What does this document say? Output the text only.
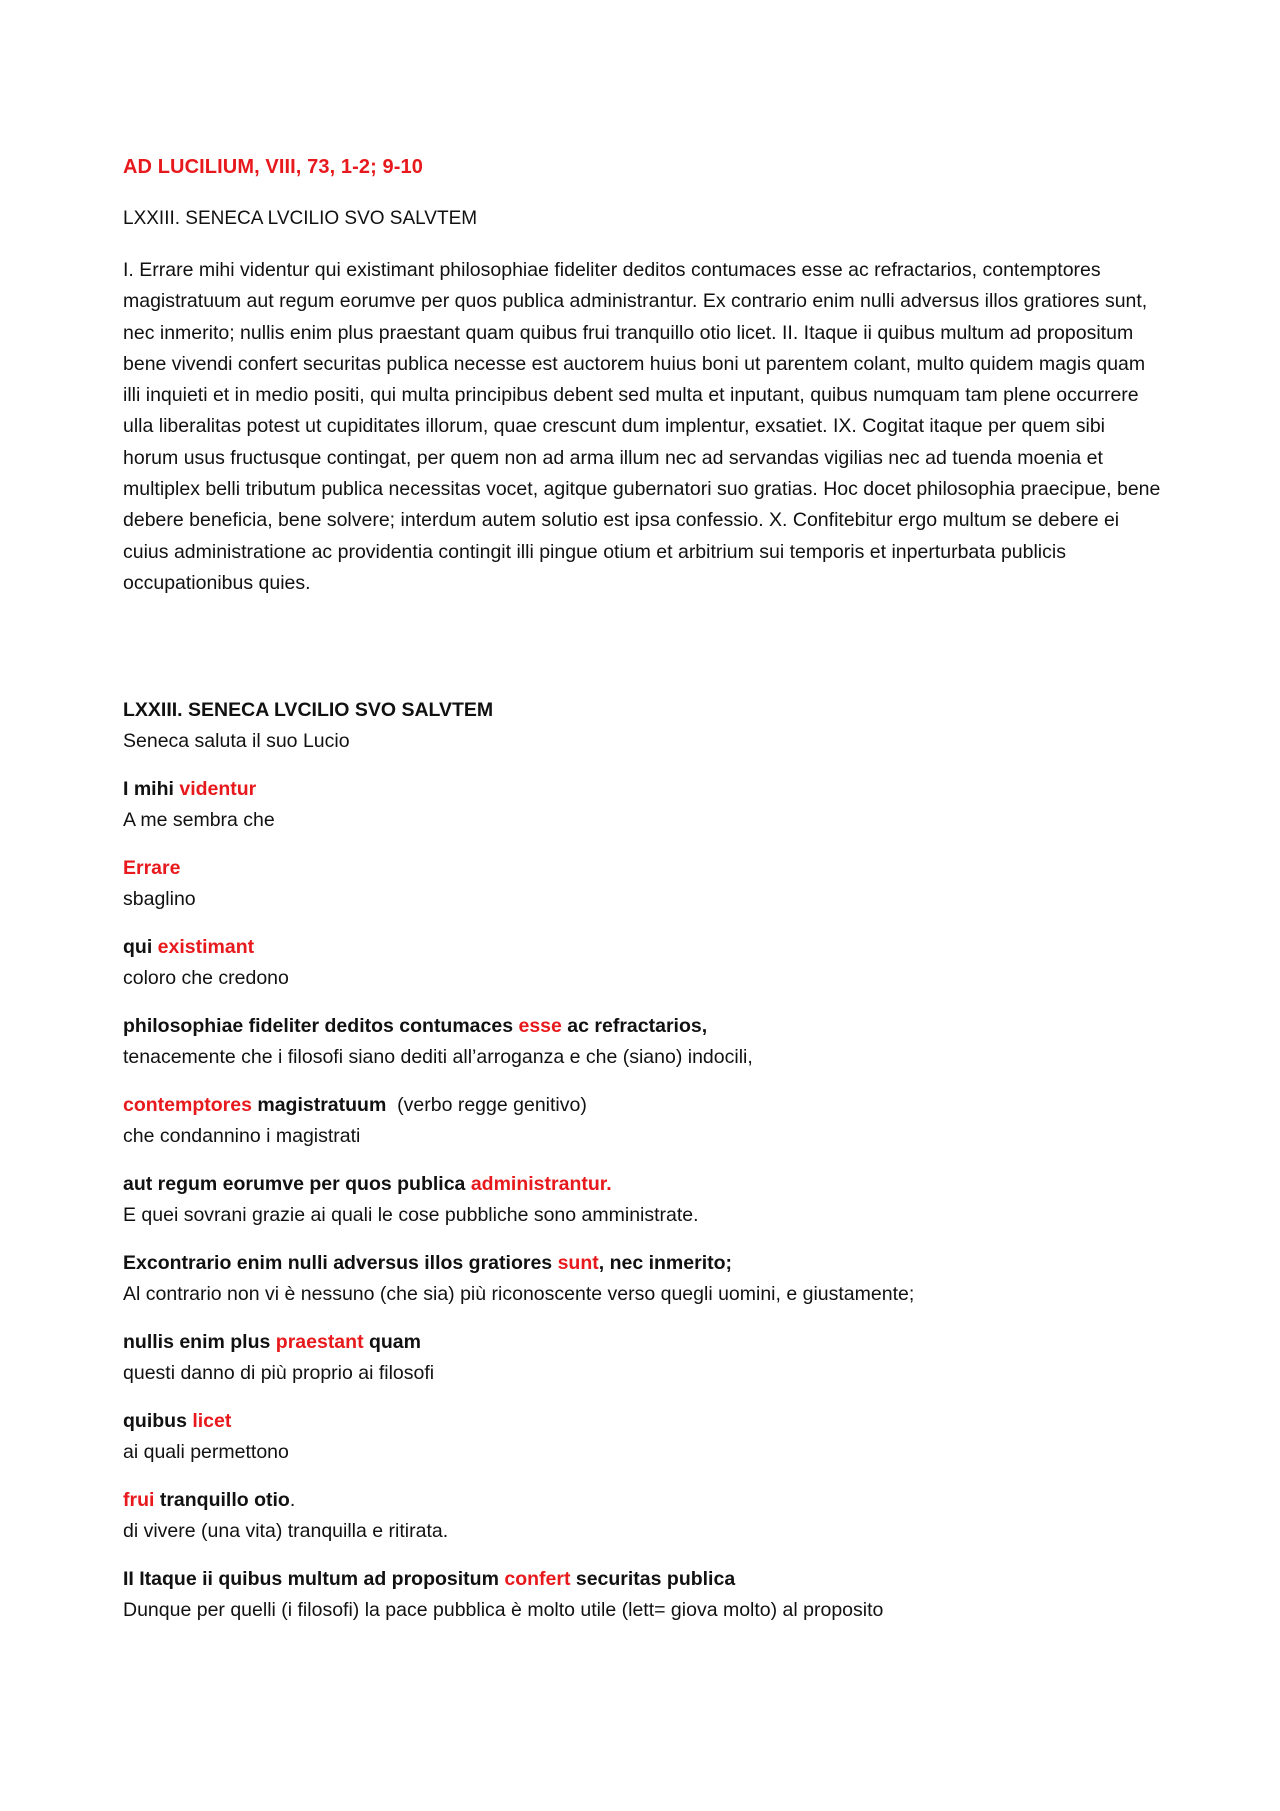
AD LUCILIUM, VIII, 73, 1-2; 9-10

LXXIII. SENECA LVCILIO SVO SALVTEM

I. Errare mihi videntur qui existimant philosophiae fideliter deditos contumaces esse ac refractarios, contemptores magistratuum aut regum eorumve per quos publica administrantur. Ex contrario enim nulli adversus illos gratiores sunt, nec inmerito; nullis enim plus praestant quam quibus frui tranquillo otio licet. II. Itaque ii quibus multum ad propositum bene vivendi confert securitas publica necesse est auctorem huius boni ut parentem colant, multo quidem magis quam illi inquieti et in medio positi, qui multa principibus debent sed multa et inputant, quibus numquam tam plene occurrere ulla liberalitas potest ut cupiditates illorum, quae crescunt dum implentur, exsatiet. IX. Cogitat itaque per quem sibi horum usus fructusque contingat, per quem non ad arma illum nec ad servandas vigilias nec ad tuenda moenia et multiplex belli tributum publica necessitas vocet, agitque gubernatori suo gratias. Hoc docet philosophia praecipue, bene debere beneficia, bene solvere; interdum autem solutio est ipsa confessio. X. Confitebitur ergo multum se debere ei cuius administratione ac providentia contingit illi pingue otium et arbitrium sui temporis et inperturbata publicis occupationibus quies.

LXXIII. SENECA LVCILIO SVO SALVTEM
Seneca saluta il suo Lucio
I mihi videntur
A me sembra che
Errare
sbaglino
qui existimant
coloro che credono
philosophiae fideliter deditos contumaces esse ac refractarios,
tenacemente che i filosofi siano dediti all’arroganza e che (siano) indocili,
contemptores magistratuum  (verbo regge genitivo)
che condannino i magistrati
aut regum eorumve per quos publica administrantur.
E quei sovrani grazie ai quali le cose pubbliche sono amministrate.
Excontrario enim nulli adversus illos gratiores sunt, nec inmerito;
Al contrario non vi è nessuno (che sia) più riconoscente verso quegli uomini, e giustamente;
nullis enim plus praestant quam
questi danno di più proprio ai filosofi
quibus licet
ai quali permettono
frui tranquillo otio.
di vivere (una vita) tranquilla e ritirata.
II Itaque ii quibus multum ad propositum confert securitas publica
Dunque per quelli (i filosofi) la pace pubblica è molto utile (lett= giova molto) al proposito
